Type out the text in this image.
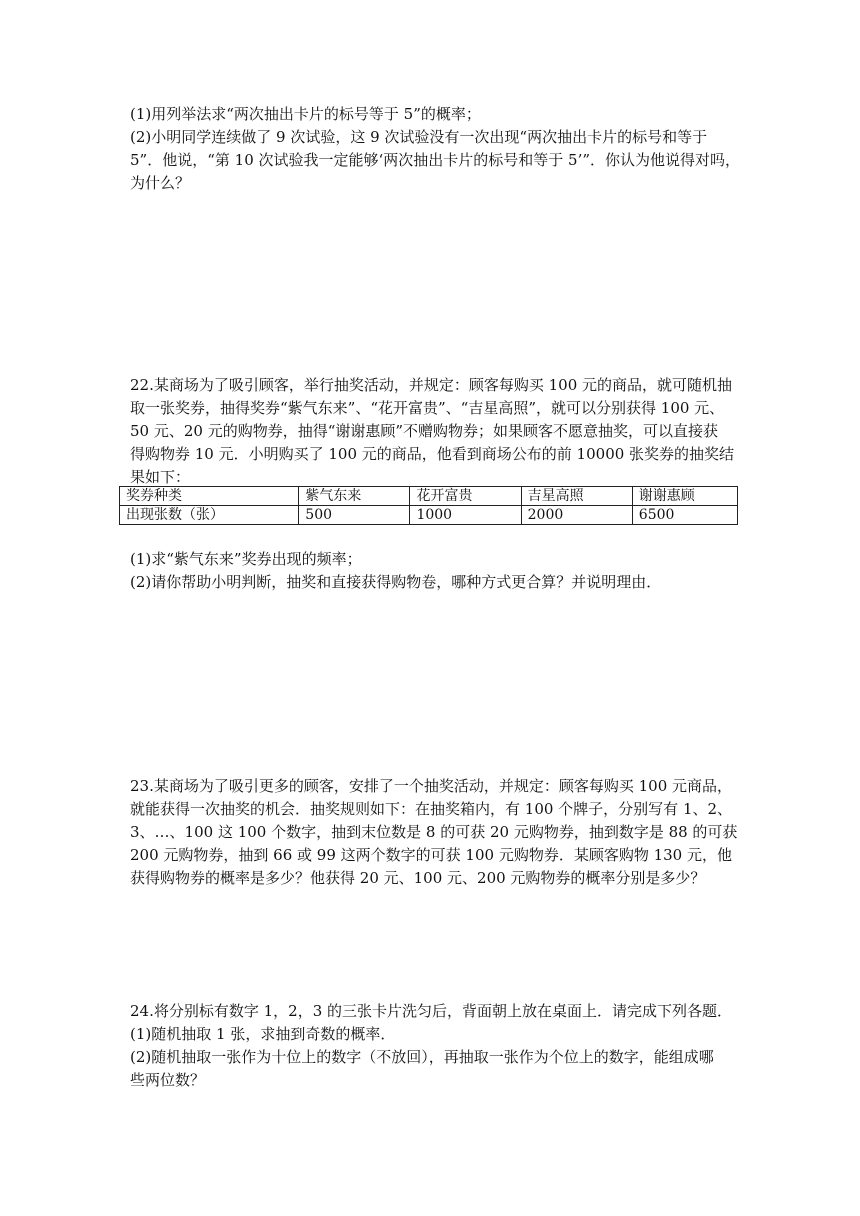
(1)用列举法求“两次抽出卡片的标号等于 5”的概率；
(2)小明同学连续做了 9 次试验，这 9 次试验没有一次出现“两次抽出卡片的标号和等于
5”．他说，“第 10 次试验我一定能够‘两次抽出卡片的标号和等于 5’”．你认为他说得对吗，
为什么？
22.某商场为了吸引顾客，举行抽奖活动，并规定：顾客每购买 100 元的商品，就可随机抽
取一张奖券，抽得奖券“紫气东来”、“花开富贵”、“吉星高照”，就可以分别获得 100 元、
50 元、20 元的购物券，抽得“谢谢惠顾”不赠购物券；如果顾客不愿意抽奖，可以直接获
得购物券 10 元．小明购买了 100 元的商品，他看到商场公布的前 10000 张奖券的抽奖结
果如下：
奖券种类	紫气东来	花开富贵	吉星高照	谢谢惠顾
出现张数（张）	500	1000	2000	6500
(1)求“紫气东来”奖券出现的频率；
(2)请你帮助小明判断，抽奖和直接获得购物卷，哪种方式更合算？并说明理由．
23.某商场为了吸引更多的顾客，安排了一个抽奖活动，并规定：顾客每购买 100 元商品，
就能获得一次抽奖的机会．抽奖规则如下：在抽奖箱内，有 100 个牌子，分别写有 1、2、
3、…、100 这 100 个数字，抽到末位数是 8 的可获 20 元购物券，抽到数字是 88 的可获
200 元购物券，抽到 66 或 99 这两个数字的可获 100 元购物券．某顾客购物 130 元，他
获得购物券的概率是多少？他获得 20 元、100 元、200 元购物券的概率分别是多少？
24.将分别标有数字 1，2，3 的三张卡片洗匀后，背面朝上放在桌面上．请完成下列各题．
(1)随机抽取 1 张，求抽到奇数的概率．
(2)随机抽取一张作为十位上的数字（不放回），再抽取一张作为个位上的数字，能组成哪
些两位数？
